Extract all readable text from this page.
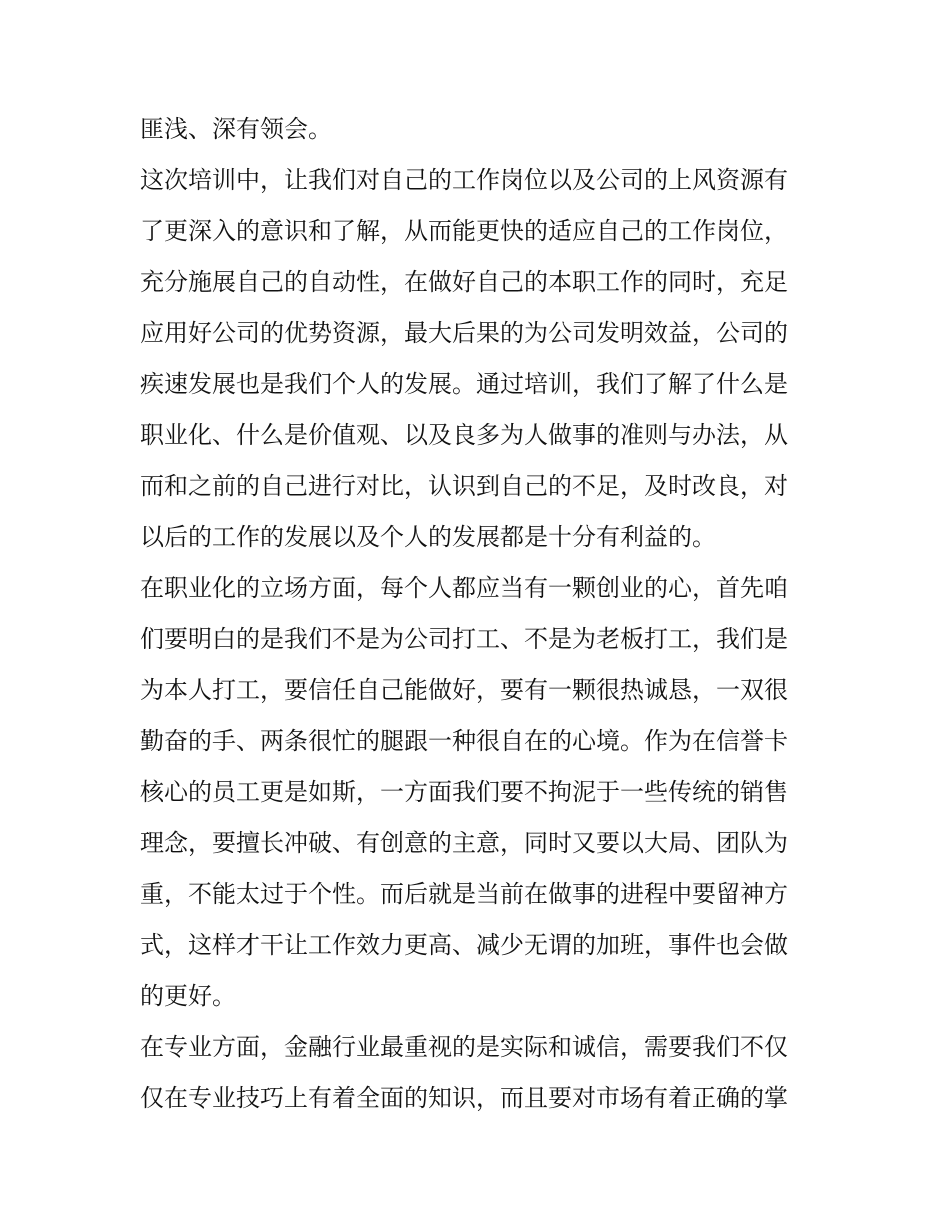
匪浅、深有领会。
这次培训中，让我们对自己的工作岗位以及公司的上风资源有
了更深入的意识和了解，从而能更快的适应自己的工作岗位，
充分施展自己的自动性，在做好自己的本职工作的同时，充足
应用好公司的优势资源，最大后果的为公司发明效益，公司的
疾速发展也是我们个人的发展。通过培训，我们了解了什么是
职业化、什么是价值观、以及良多为人做事的准则与办法，从
而和之前的自己进行对比，认识到自己的不足，及时改良，对
以后的工作的发展以及个人的发展都是十分有利益的。
在职业化的立场方面，每个人都应当有一颗创业的心，首先咱
们要明白的是我们不是为公司打工、不是为老板打工，我们是
为本人打工，要信任自己能做好，要有一颗很热诚恳，一双很
勤奋的手、两条很忙的腿跟一种很自在的心境。作为在信誉卡
核心的员工更是如斯，一方面我们要不拘泥于一些传统的销售
理念，要擅长冲破、有创意的主意，同时又要以大局、团队为
重，不能太过于个性。而后就是当前在做事的进程中要留神方
式，这样才干让工作效力更高、减少无谓的加班，事件也会做
的更好。
在专业方面，金融行业最重视的是实际和诚信，需要我们不仅
仅在专业技巧上有着全面的知识，而且要对市场有着正确的掌
